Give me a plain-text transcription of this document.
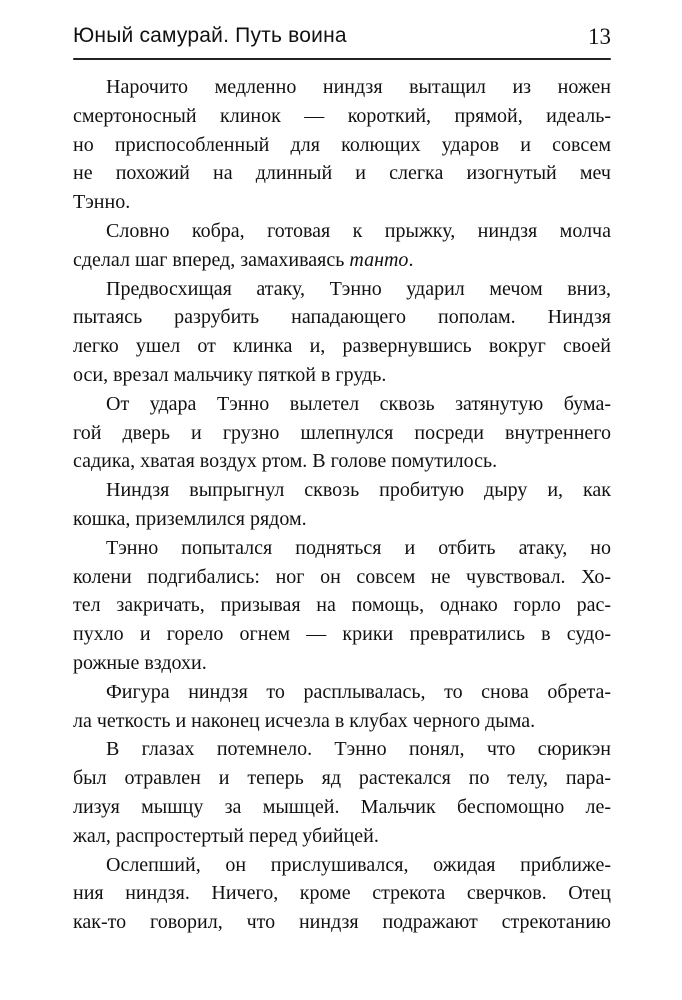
Юный самурай. Путь воина	13
Нарочито медленно ниндзя вытащил из ножен
смертоносный клинок — короткий, прямой, идеаль-
но приспособленный для колющих ударов и совсем
не похожий на длинный и слегка изогнутый меч
Тэнно.
Словно кобра, готовая к прыжку, ниндзя молча
сделал шаг вперед, замахиваясь танто.
Предвосхищая атаку, Тэнно ударил мечом вниз,
пытаясь разрубить нападающего пополам. Ниндзя
легко ушел от клинка и, развернувшись вокруг своей
оси, врезал мальчику пяткой в грудь.
От удара Тэнно вылетел сквозь затянутую бума-
гой дверь и грузно шлепнулся посреди внутреннего
садика, хватая воздух ртом. В голове помутилось.
Ниндзя выпрыгнул сквозь пробитую дыру и, как
кошка, приземлился рядом.
Тэнно попытался подняться и отбить атаку, но
колени подгибались: ног он совсем не чувствовал. Хо-
тел закричать, призывая на помощь, однако горло рас-
пухло и горело огнем — крики превратились в судо-
рожные вздохи.
Фигура ниндзя то расплывалась, то снова обрета-
ла четкость и наконец исчезла в клубах черного дыма.
В глазах потемнело. Тэнно понял, что сюрикэн
был отравлен и теперь яд растекался по телу, пара-
лизуя мышцу за мышцей. Мальчик беспомощно ле-
жал, распростертый перед убийцей.
Ослепший, он прислушивался, ожидая приближе-
ния ниндзя. Ничего, кроме стрекота сверчков. Отец
как-то говорил, что ниндзя подражают стрекотанию
